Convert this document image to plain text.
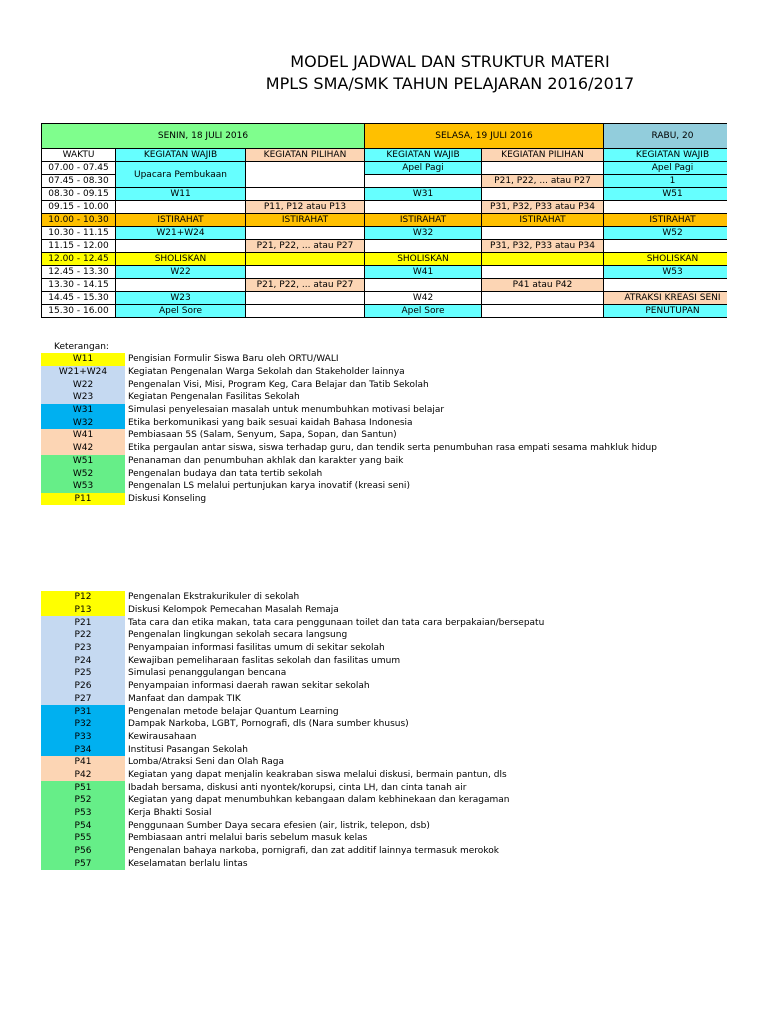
MODEL JADWAL DAN STRUKTUR MATERI
MPLS SMA/SMK TAHUN PELAJARAN 2016/2017
SENIN, 18 JULI 2016			SELASA, 19 JULI 2016		RABU, 20
WAKTU	KEGIATAN WAJIB	KEGIATAN PILIHAN	KEGIATAN WAJIB	KEGIATAN PILIHAN	KEGIATAN WAJIB
07.00 - 07.45	Upacara Pembukaan		Apel Pagi		Apel Pagi
07.45 - 08.30				P21, P22, ... atau P27	1
08.30 - 09.15	W11		W31		W51
09.15 - 10.00		P11, P12 atau P13		P31, P32, P33 atau P34	
10.00 - 10.30	ISTIRAHAT	ISTIRAHAT	ISTIRAHAT	ISTIRAHAT	ISTIRAHAT
10.30 - 11.15	W21+W24		W32		W52
11.15 - 12.00		P21, P22, ... atau P27		P31, P32, P33 atau P34	
12.00 - 12.45	SHOLISKAN		SHOLISKAN		SHOLISKAN
12.45 - 13.30	W22		W41		W53
13.30 - 14.15		P21, P22, ... atau P27		P41 atau P42	
14.45 - 15.30	W23		W42		ATRAKSI KREASI SENI
15.30 - 16.00	Apel Sore		Apel Sore		PENUTUPAN
Keterangan:
W11	Pengisian Formulir Siswa Baru oleh ORTU/WALI
W21+W24	Kegiatan Pengenalan Warga Sekolah dan Stakeholder lainnya
W22	Pengenalan Visi, Misi, Program Keg, Cara Belajar dan Tatib Sekolah
W23	Kegiatan Pengenalan Fasilitas Sekolah
W31	Simulasi penyelesaian masalah untuk menumbuhkan motivasi belajar
W32	Etika berkomunikasi yang baik sesuai kaidah Bahasa Indonesia
W41	Pembiasaan 5S (Salam, Senyum, Sapa, Sopan, dan Santun)
W42	Etika pergaulan antar siswa, siswa terhadap guru, dan tendik serta penumbuhan rasa empati sesama mahkluk hidup
W51	Penanaman dan penumbuhan akhlak dan karakter yang baik
W52	Pengenalan budaya dan tata tertib sekolah
W53	Pengenalan LS melalui pertunjukan karya inovatif (kreasi seni)
P11	Diskusi Konseling
P12	Pengenalan Ekstrakurikuler di sekolah
P13	Diskusi Kelompok Pemecahan Masalah Remaja
P21	Tata cara dan etika makan, tata cara penggunaan toilet dan tata cara berpakaian/bersepatu
P22	Pengenalan lingkungan sekolah secara langsung
P23	Penyampaian informasi fasilitas umum di sekitar sekolah
P24	Kewajiban pemeliharaan faslitas sekolah dan fasilitas umum
P25	Simulasi penanggulangan bencana
P26	Penyampaian informasi daerah rawan sekitar sekolah
P27	Manfaat dan dampak TIK
P31	Pengenalan metode belajar Quantum Learning
P32	Dampak Narkoba, LGBT, Pornografi, dls (Nara sumber khusus)
P33	Kewirausahaan
P34	Institusi Pasangan Sekolah
P41	Lomba/Atraksi Seni dan Olah Raga
P42	Kegiatan yang dapat menjalin keakraban siswa melalui diskusi, bermain pantun, dls
P51	Ibadah bersama, diskusi anti nyontek/korupsi, cinta LH, dan cinta tanah air
P52	Kegiatan yang dapat menumbuhkan kebangaan dalam kebhinekaan dan keragaman
P53	Kerja Bhakti Sosial
P54	Penggunaan Sumber Daya secara efesien (air, listrik, telepon, dsb)
P55	Pembiasaan antri melalui baris sebelum masuk kelas
P56	Pengenalan bahaya narkoba, pornigrafi, dan zat additif lainnya termasuk merokok
P57	Keselamatan berlalu lintas
